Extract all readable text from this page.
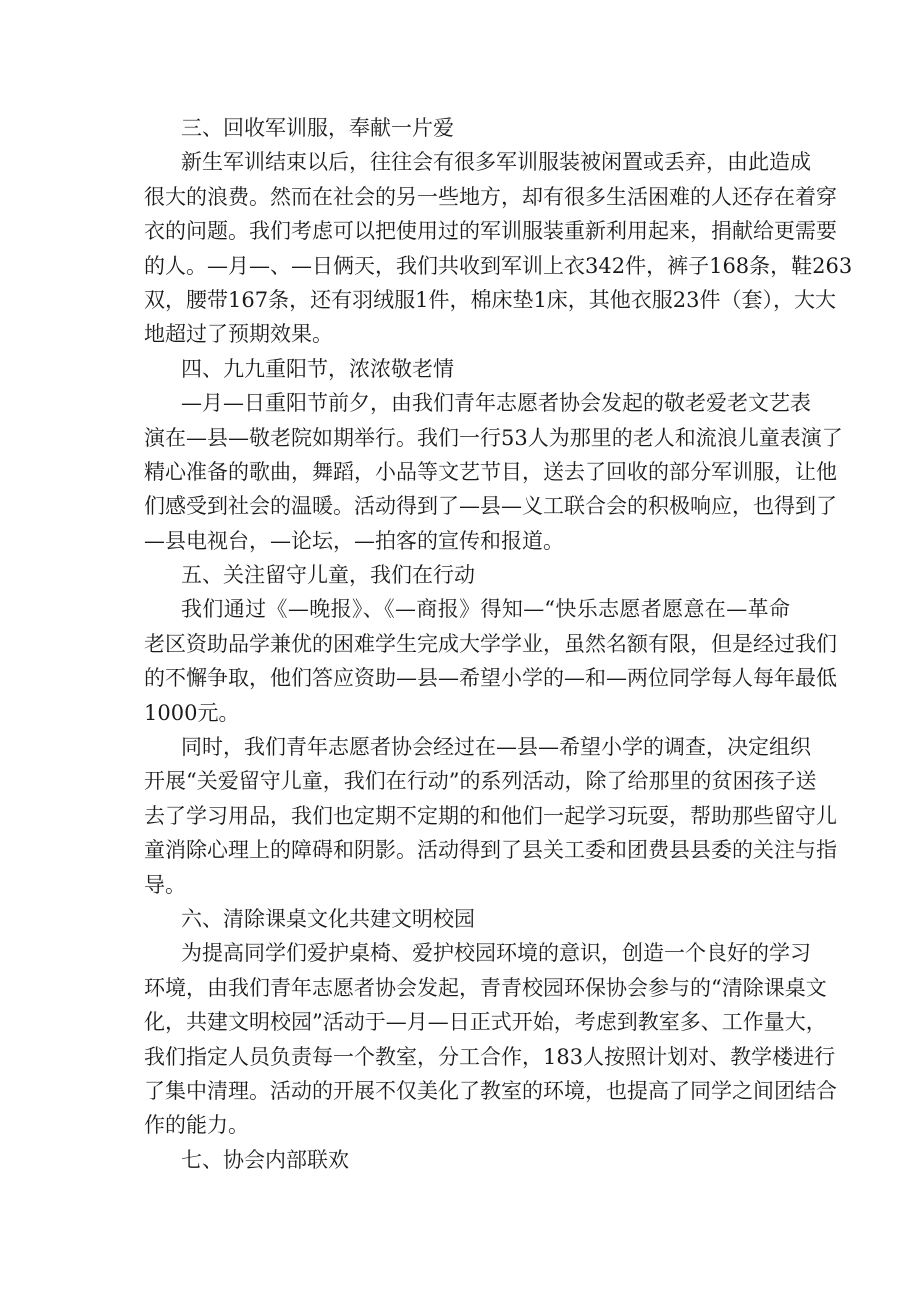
三、回收军训服，奉献一片爱
新生军训结束以后，往往会有很多军训服装被闲置或丢弃，由此造成
很大的浪费。然而在社会的另一些地方，却有很多生活困难的人还存在着穿
衣的问题。我们考虑可以把使用过的军训服装重新利用起来，捐献给更需要
的人。—月—、—日俩天，我们共收到军训上衣342件，裤子168条，鞋263
双，腰带167条，还有羽绒服1件，棉床垫1床，其他衣服23件（套），大大
地超过了预期效果。
四、九九重阳节，浓浓敬老情
—月—日重阳节前夕，由我们青年志愿者协会发起的敬老爱老文艺表
演在—县—敬老院如期举行。我们一行53人为那里的老人和流浪儿童表演了
精心准备的歌曲，舞蹈，小品等文艺节目，送去了回收的部分军训服，让他
们感受到社会的温暖。活动得到了—县—义工联合会的积极响应，也得到了
—县电视台，—论坛，—拍客的宣传和报道。
五、关注留守儿童，我们在行动
我们通过《—晚报》、《—商报》得知—“快乐志愿者愿意在—革命
老区资助品学兼优的困难学生完成大学学业，虽然名额有限，但是经过我们
的不懈争取，他们答应资助—县—希望小学的—和—两位同学每人每年最低
1000元。
同时，我们青年志愿者协会经过在—县—希望小学的调查，决定组织
开展“关爱留守儿童，我们在行动”的系列活动，除了给那里的贫困孩子送
去了学习用品，我们也定期不定期的和他们一起学习玩耍，帮助那些留守儿
童消除心理上的障碍和阴影。活动得到了县关工委和团费县县委的关注与指
导。
六、清除课桌文化共建文明校园
为提高同学们爱护桌椅、爱护校园环境的意识，创造一个良好的学习
环境，由我们青年志愿者协会发起，青青校园环保协会参与的“清除课桌文
化，共建文明校园”活动于—月—日正式开始，考虑到教室多、工作量大，
我们指定人员负责每一个教室，分工合作，183人按照计划对、教学楼进行
了集中清理。活动的开展不仅美化了教室的环境，也提高了同学之间团结合
作的能力。
七、协会内部联欢
